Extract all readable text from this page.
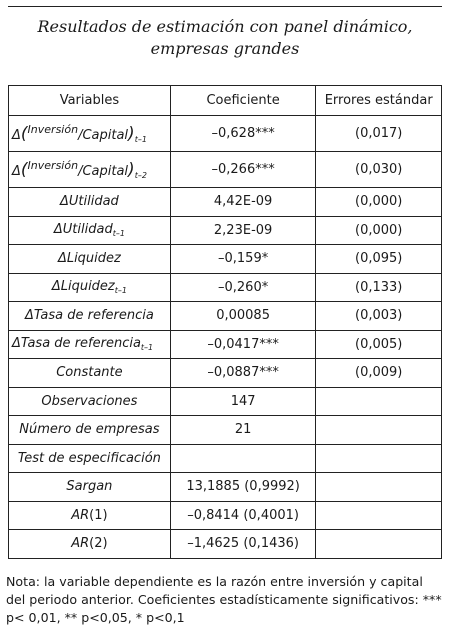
Resultados de estimación con panel dinámico, empresas grandes
Variables	Coeficiente	Errores estándar
$\Delta(^{Inversión}/Capital)_{t-1}$	–0,628***	(0,017)
$\Delta(^{Inversión}/Capital)_{t-2}$	–0,266***	(0,030)
ΔUtilidad	4,42E-09	(0,000)
ΔUtilidad$_{t-1}$	2,23E-09	(0,000)
ΔLiquidez	–0,159*	(0,095)
ΔLiquidez$_{t-1}$	–0,260*	(0,133)
ΔTasa de referencia	0,00085	(0,003)
ΔTasa de referencia$_{t-1}$	–0,0417***	(0,005)
Constante	–0,0887***	(0,009)
Observaciones	147	
Número de empresas	21	
Test de especificación		
Sargan	13,1885 (0,9992)	
AR(1)	–0,8414 (0,4001)	
AR(2)	–1,4625 (0,1436)	
Nota: la variable dependiente es la razón entre inversión y capital del periodo anterior. Coeficientes estadísticamente significativos: *** p< 0,01, ** p<0,05, * p<0,1
